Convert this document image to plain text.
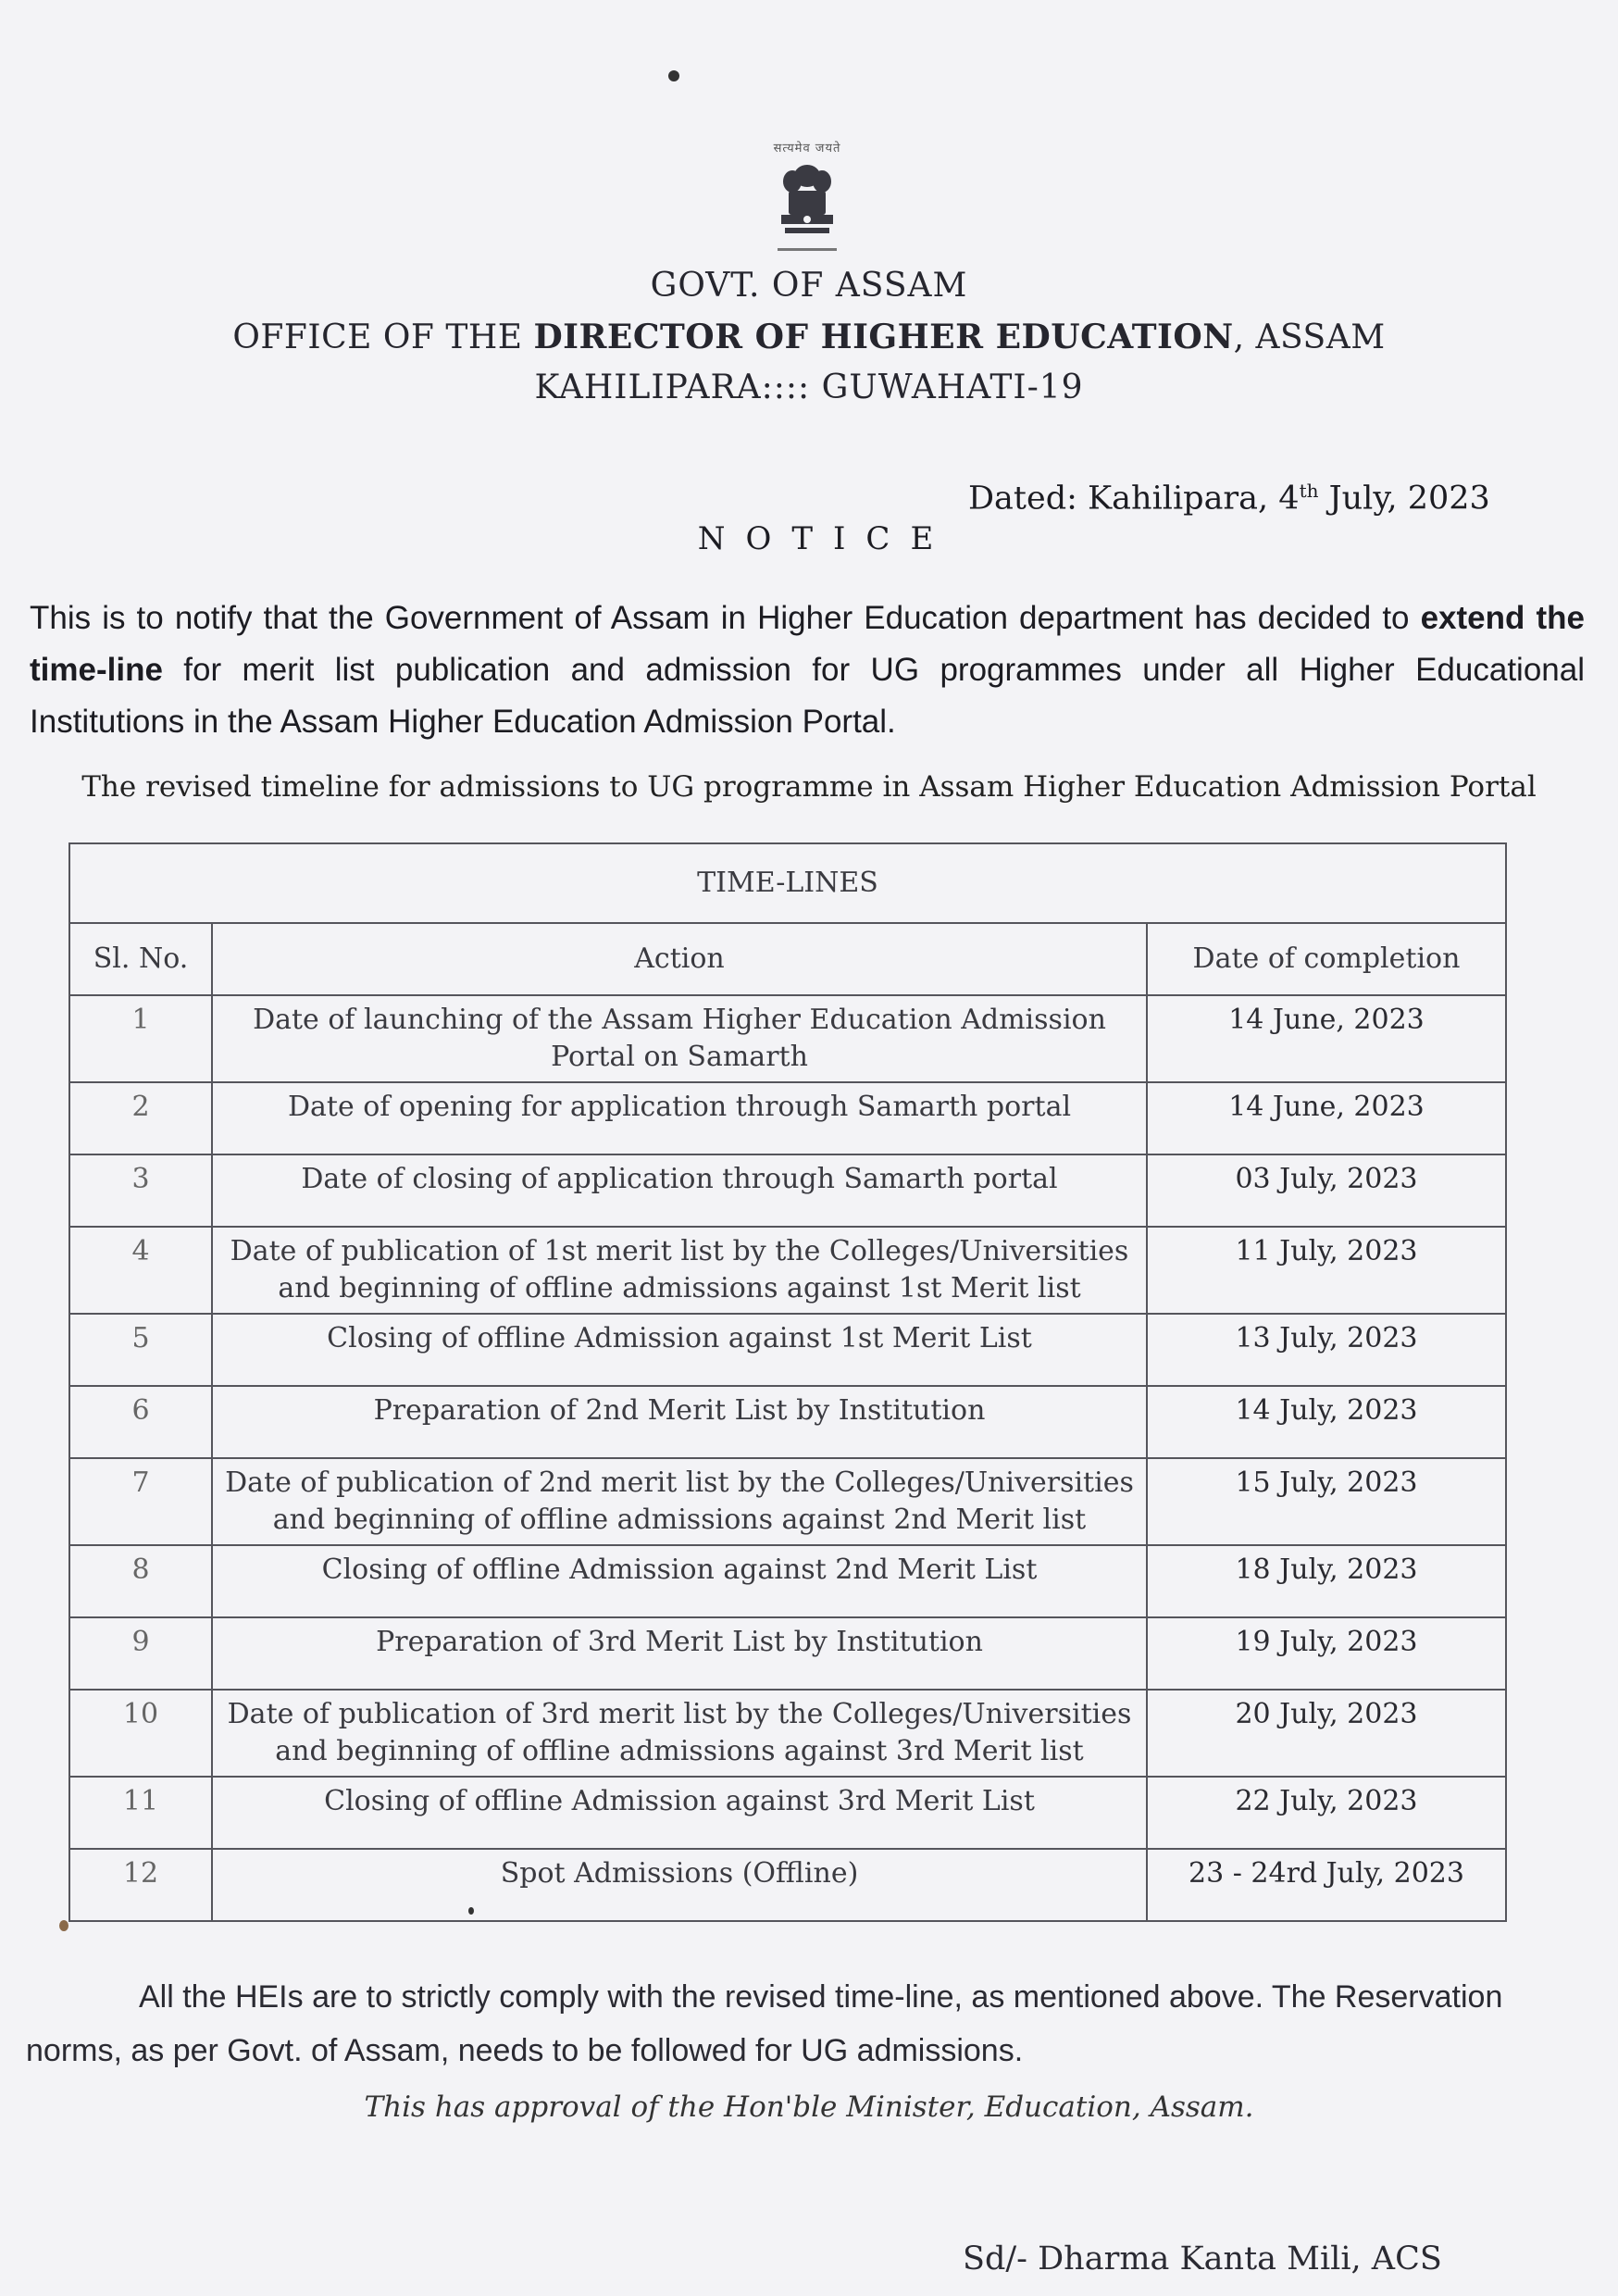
सत्यमेव जयते
GOVT. OF ASSAM
OFFICE OF THE DIRECTOR OF HIGHER EDUCATION, ASSAM
KAHILIPARA:::: GUWAHATI-19
Dated: Kahilipara, 4th July, 2023
NOTICE
This is to notify that the Government of Assam in Higher Education department has decided to extend the time-line for merit list publication and admission for UG programmes under all Higher Educational Institutions in the Assam Higher Education Admission Portal.
The revised timeline for admissions to UG programme in Assam Higher Education Admission Portal
TIME-LINES		
Sl. No.	Action	Date of completion
1	Date of launching of the Assam Higher Education Admission Portal on Samarth	14 June, 2023
2	Date of opening for application through Samarth portal	14 June, 2023
3	Date of closing of application through Samarth portal	03 July, 2023
4	Date of publication of 1st merit list by the Colleges/Universities and beginning of offline admissions against 1st Merit list	11 July, 2023
5	Closing of offline Admission against 1st Merit List	13 July, 2023
6	Preparation of 2nd Merit List by Institution	14 July, 2023
7	Date of publication of 2nd merit list by the Colleges/Universities and beginning of offline admissions against 2nd Merit list	15 July, 2023
8	Closing of offline Admission against 2nd Merit List	18 July, 2023
9	Preparation of 3rd Merit List by Institution	19 July, 2023
10	Date of publication of 3rd merit list by the Colleges/Universities and beginning of offline admissions against 3rd Merit list	20 July, 2023
11	Closing of offline Admission against 3rd Merit List	22 July, 2023
12	Spot Admissions (Offline)	23 - 24rd July, 2023
All the HEIs are to strictly comply with the revised time-line, as mentioned above. The Reservation norms, as per Govt. of Assam, needs to be followed for UG admissions.
This has approval of the Hon'ble Minister, Education, Assam.
Sd/- Dharma Kanta Mili, ACS
